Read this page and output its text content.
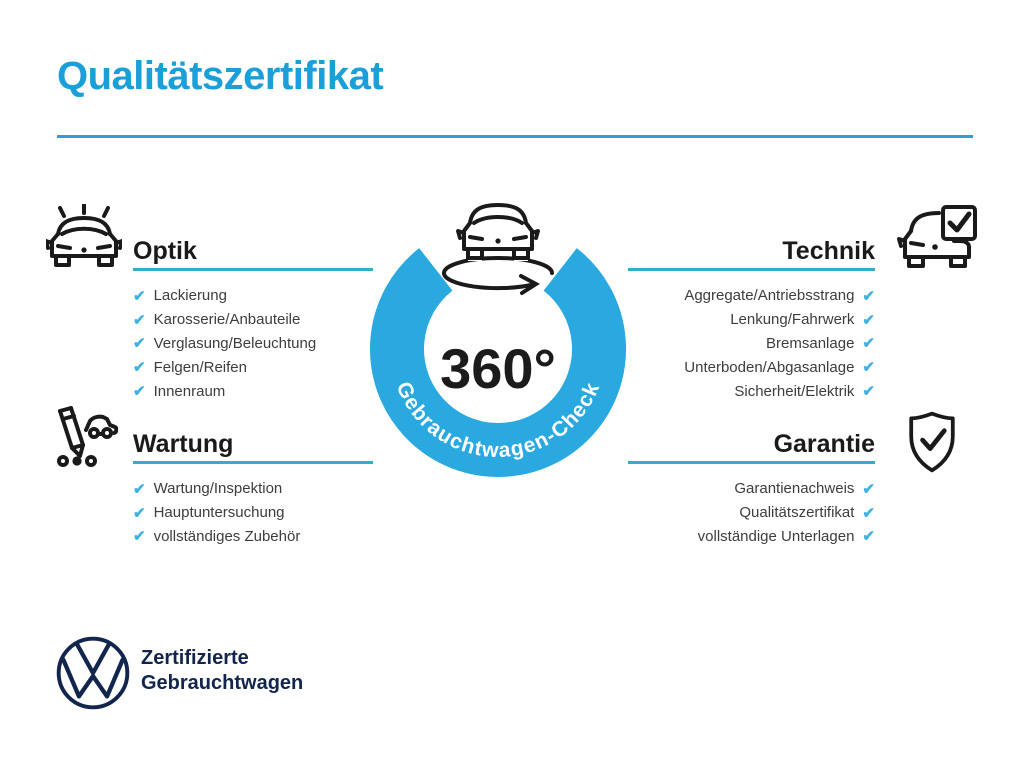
Qualitätszertifikat
Optik
✔ Lackierung
✔ Karosserie/Anbauteile
✔ Verglasung/Beleuchtung
✔ Felgen/Reifen
✔ Innenraum
Technik
Aggregate/Antriebsstrang ✔
Lenkung/Fahrwerk ✔
Bremsanlage ✔
Unterboden/Abgasanlage ✔
Sicherheit/Elektrik ✔
Wartung
✔ Wartung/Inspektion
✔ Hauptuntersuchung
✔ vollständiges Zubehör
Garantie
Garantienachweis ✔
Qualitätszertifikat ✔
vollständige Unterlagen ✔
Gebrauchtwagen-Check
360°
Zertifizierte
Gebrauchtwagen
